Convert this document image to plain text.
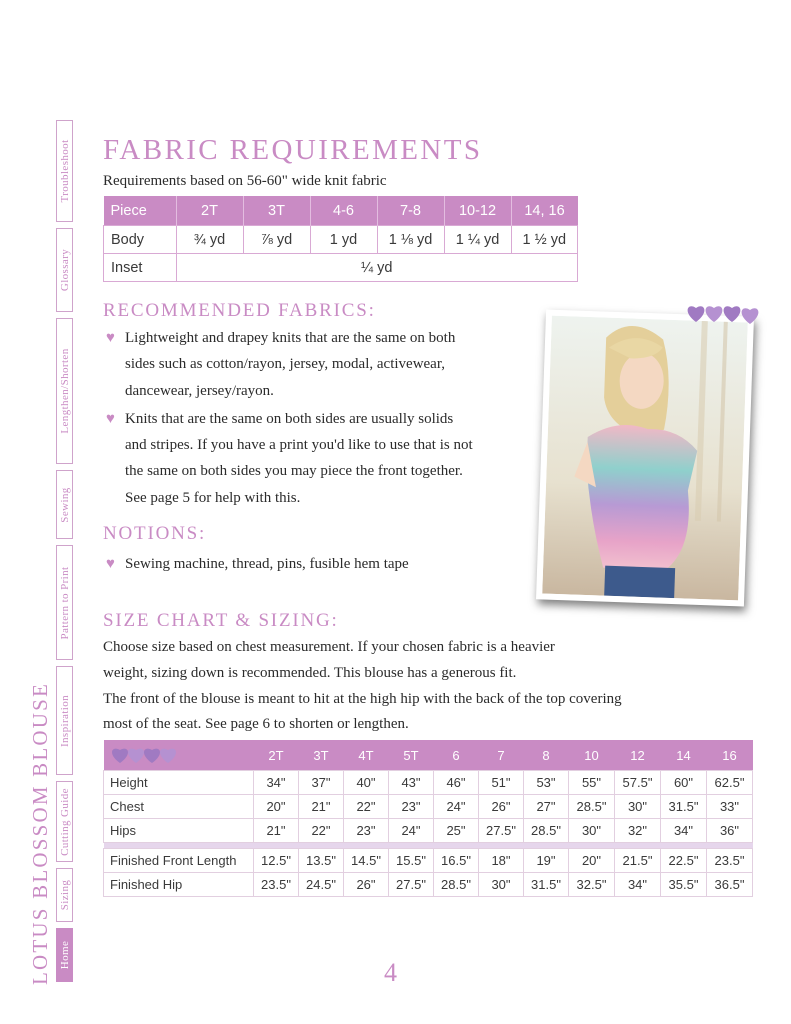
LOTUS BLOSSOM BLOUSE Home
Sizing
Cutting Guide
Inspiration
Pattern to Print
Sewing
Lengthen/Shorten
Glossary
Troubleshoot FABRIC REQUIREMENTS
Requirements based on 56-60" wide knit fabric
Piece	2T	3T	4-6	7-8	10-12	14, 16
Body	¾ yd	⅞ yd	1 yd	1 ⅛ yd	1 ¼ yd	1 ½ yd
Inset	¼ yd					
RECOMMENDED FABRICS:
♥ Lightweight and drapey knits that are the same on both
sides such as cotton/rayon, jersey, modal, activewear,
dancewear, jersey/rayon.
♥ Knits that are the same on both sides are usually solids
and stripes. If you have a print you'd like to use that is not
the same on both sides you may piece the front together.
See page 5 for help with this.
NOTIONS:
♥ Sewing machine, thread, pins, fusible hem tape
SIZE CHART & SIZING:
Choose size based on chest measurement. If your chosen fabric is a heavier
weight, sizing down is recommended. This blouse has a generous fit.
The front of the blouse is meant to hit at the high hip with the back of the top covering
most of the seat. See page 6 to shorten or lengthen.
	2T	3T	4T	5T	6	7	8	10	12	14	16
Height	34"	37"	40"	43"	46"	51"	53"	55"	57.5"	60"	62.5"
Chest	20"	21"	22"	23"	24"	26"	27"	28.5"	30"	31.5"	33"
Hips	21"	22"	23"	24"	25"	27.5"	28.5"	30"	32"	34"	36"

Finished Front Length	12.5"	13.5"	14.5"	15.5"	16.5"	18"	19"	20"	21.5"	22.5"	23.5"
Finished Hip	23.5"	24.5"	26"	27.5"	28.5"	30"	31.5"	32.5"	34"	35.5"	36.5"
4
